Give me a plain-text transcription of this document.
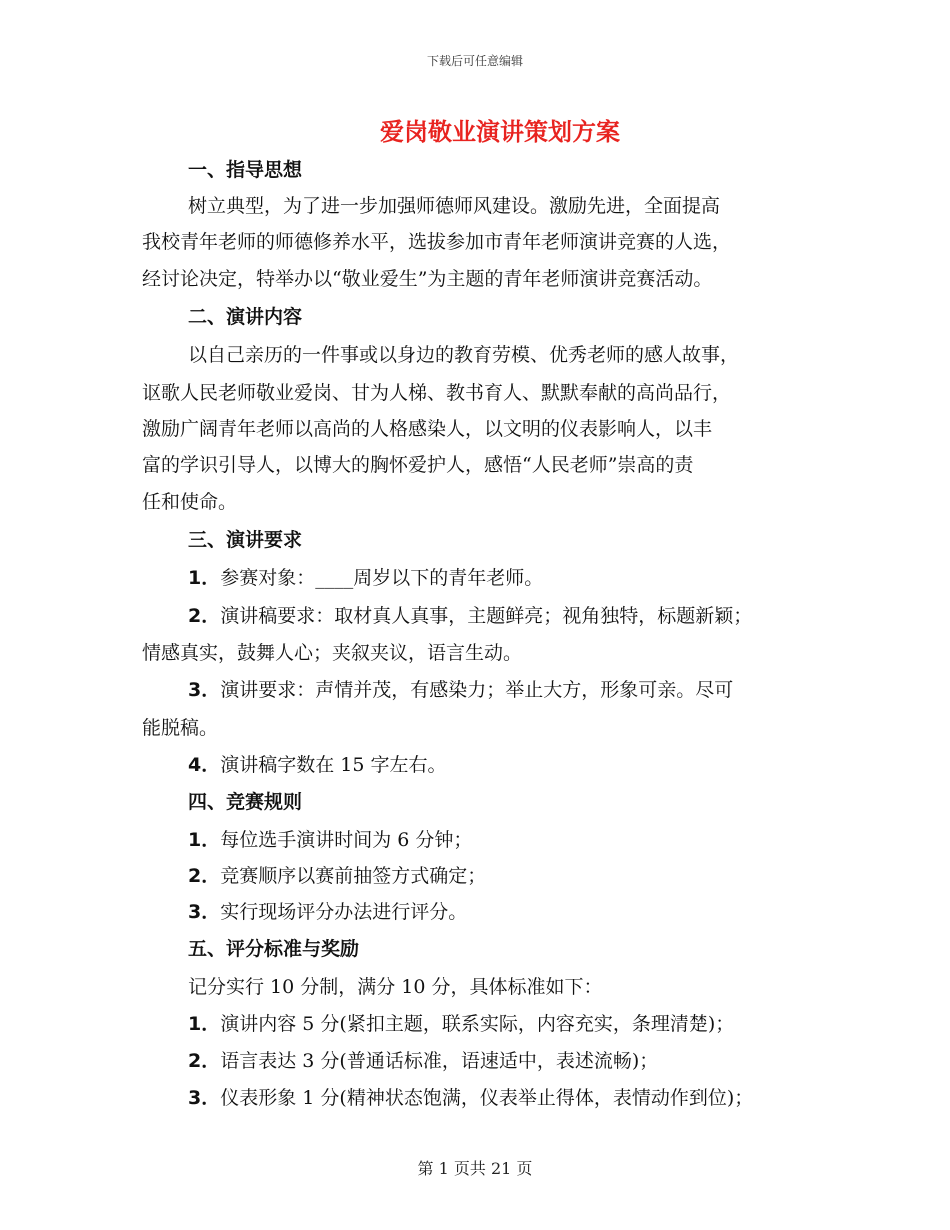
下载后可任意编辑
爱岗敬业演讲策划方案
一、指导思想
树立典型，为了进一步加强师德师风建设。激励先进，全面提高
我校青年老师的师德修养水平，选拔参加市青年老师演讲竞赛的人选，
经讨论决定，特举办以“敬业爱生”为主题的青年老师演讲竞赛活动。
二、演讲内容
以自己亲历的一件事或以身边的教育劳模、优秀老师的感人故事，
讴歌人民老师敬业爱岗、甘为人梯、教书育人、默默奉献的高尚品行，
激励广阔青年老师以高尚的人格感染人，以文明的仪表影响人，以丰
富的学识引导人，以博大的胸怀爱护人，感悟“人民老师”崇高的责
任和使命。
三、演讲要求
1．参赛对象：____周岁以下的青年老师。
2．演讲稿要求：取材真人真事，主题鲜亮；视角独特，标题新颖；
情感真实，鼓舞人心；夹叙夹议，语言生动。
3．演讲要求：声情并茂，有感染力；举止大方，形象可亲。尽可
能脱稿。
4．演讲稿字数在 15 字左右。
四、竞赛规则
1．每位选手演讲时间为 6 分钟；
2．竞赛顺序以赛前抽签方式确定；
3．实行现场评分办法进行评分。
五、评分标准与奖励
记分实行 10 分制，满分 10 分，具体标准如下：
1．演讲内容 5 分(紧扣主题，联系实际，内容充实，条理清楚)；
2．语言表达 3 分(普通话标准，语速适中，表述流畅)；
3．仪表形象 1 分(精神状态饱满，仪表举止得体，表情动作到位)；
第 1 页共 21 页
